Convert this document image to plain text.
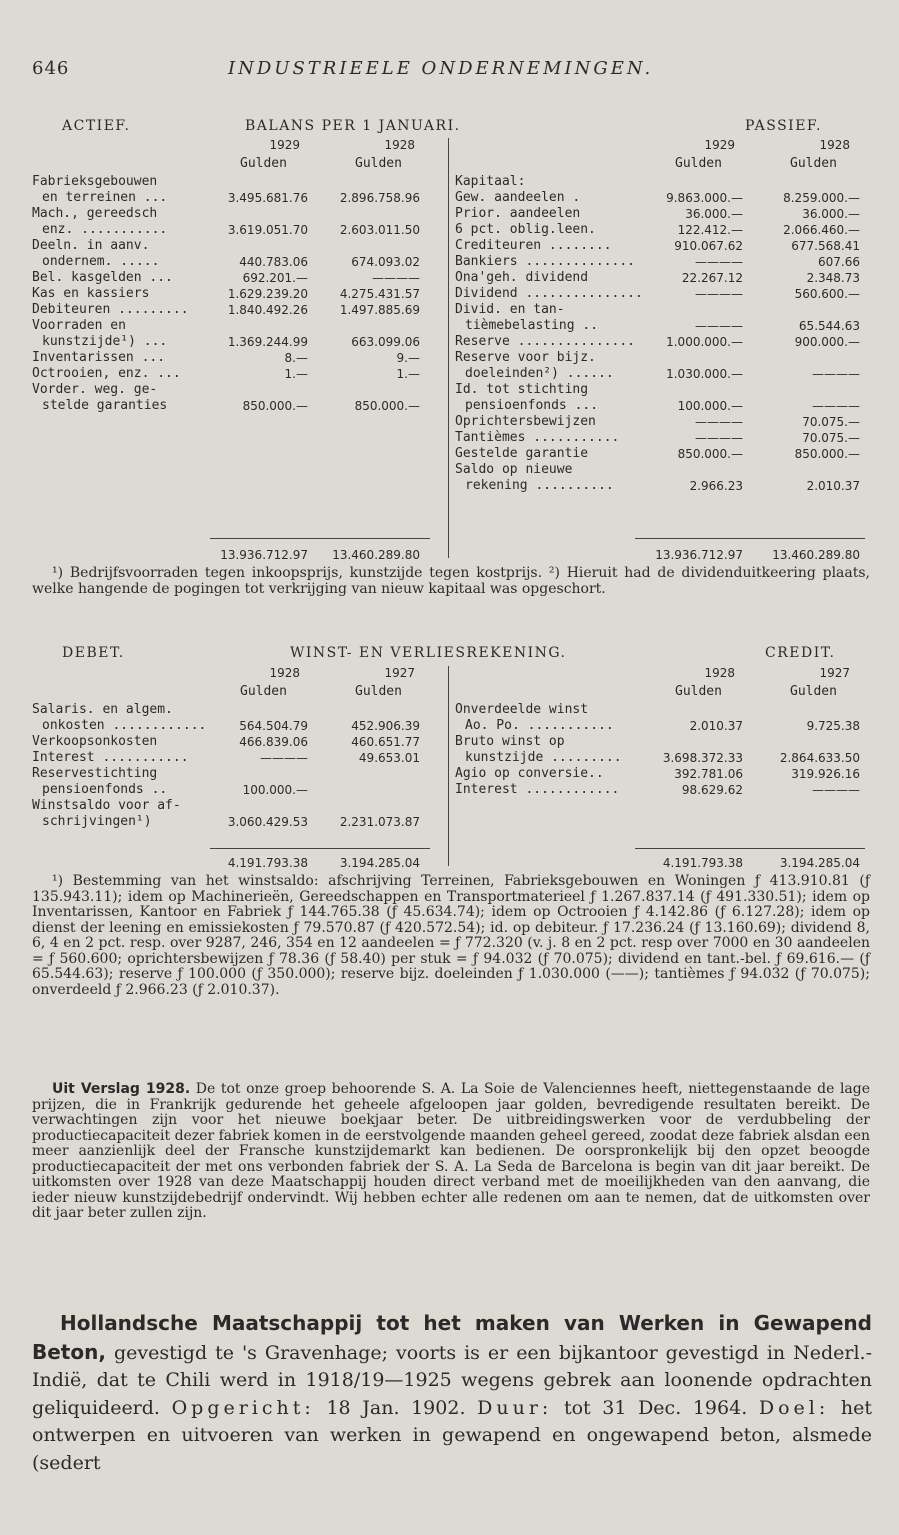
646	INDUSTRIEELE ONDERNEMINGEN.
ACTIEF.	BALANS PER 1 JANUARI.	PASSIEF.
1929	1928	1929	1928
Gulden	Gulden	Gulden	Gulden
Fabrieksgebouwen
en terreinen ...	3.495.681.76	2.896.758.96
Mach., gereedsch
enz. ...........	3.619.051.70	2.603.011.50
Deeln. in aanv.
ondernem. .....	440.783.06	674.093.02
Bel. kasgelden ...	692.201.—	————
Kas en kassiers	1.629.239.20	4.275.431.57
Debiteuren .........	1.840.492.26	1.497.885.69
Voorraden en
kunstzijde¹) ...	1.369.244.99	663.099.06
Inventarissen ...	8.—	9.—
Octrooien, enz. ...	1.—	1.—
Vorder. weg. ge-
stelde garanties	850.000.—	850.000.—
Kapitaal:
Gew. aandeelen .	9.863.000.—	8.259.000.—
Prior. aandeelen	36.000.—	36.000.—
6 pct. oblig.leen.	122.412.—	2.066.460.—
Crediteuren ........	910.067.62	677.568.41
Bankiers ..............	————	607.66
Ona'geh. dividend	22.267.12	2.348.73
Dividend ...............	————	560.600.—
Divid. en tan-
tièmebelasting ..	————	65.544.63
Reserve ...............	1.000.000.—	900.000.—
Reserve voor bijz.
doeleinden²) ......	1.030.000.—	————
Id. tot stichting
pensioenfonds ...	100.000.—	————
Oprichtersbewijzen	————	70.075.—
Tantièmes ...........	————	70.075.—
Gestelde garantie	850.000.—	850.000.—
Saldo op nieuwe
rekening ..........	2.966.23	2.010.37
13.936.712.97	13.460.289.80	13.936.712.97	13.460.289.80
¹) Bedrijfsvoorraden tegen inkoopsprijs, kunstzijde tegen kostprijs. ²) Hieruit had de dividenduitkeering plaats, welke hangende de pogingen tot verkrijging van nieuw kapitaal was opgeschort.
DEBET.	WINST- EN VERLIESREKENING.	CREDIT.
1928	1927	1928	1927
Gulden	Gulden	Gulden	Gulden
Salaris. en algem.
onkosten ............	564.504.79	452.906.39
Verkoopsonkosten	466.839.06	460.651.77
Interest ...........	————	49.653.01
Reservestichting
pensioenfonds ..	100.000.—
Winstsaldo voor af-
schrijvingen¹)	3.060.429.53	2.231.073.87
Onverdeelde winst
Ao. Po. ...........	2.010.37	9.725.38
Bruto winst op
kunstzijde .........	3.698.372.33	2.864.633.50
Agio op conversie..	392.781.06	319.926.16
Interest ............	98.629.62	————
4.191.793.38	3.194.285.04	4.191.793.38	3.194.285.04
¹) Bestemming van het winstsaldo: afschrijving Terreinen, Fabrieksgebouwen en Woningen ƒ 413.910.81 (ƒ 135.943.11); idem op Machinerieën, Gereedschappen en Transportmaterieel ƒ 1.267.837.14 (ƒ 491.330.51); idem op Inventarissen, Kantoor en Fabriek ƒ 144.765.38 (ƒ 45.634.74); idem op Octrooien ƒ 4.142.86 (ƒ 6.127.28); idem op dienst der leening en emissiekosten ƒ 79.570.87 (ƒ 420.572.54); id. op debiteur. ƒ 17.236.24 (ƒ 13.160.69); dividend 8, 6, 4 en 2 pct. resp. over 9287, 246, 354 en 12 aandeelen = ƒ 772.320 (v. j. 8 en 2 pct. resp over 7000 en 30 aandeelen = ƒ 560.600; oprichtersbewijzen ƒ 78.36 (ƒ 58.40) per stuk = ƒ 94.032 (ƒ 70.075); dividend en tant.-bel. ƒ 69.616.— (ƒ 65.544.63); reserve ƒ 100.000 (ƒ 350.000); reserve bijz. doeleinden ƒ 1.030.000 (——); tantièmes ƒ 94.032 (ƒ 70.075); onverdeeld ƒ 2.966.23 (ƒ 2.010.37).
Uit Verslag 1928. De tot onze groep behoorende S. A. La Soie de Valenciennes heeft, niettegenstaande de lage prijzen, die in Frankrijk gedurende het geheele afgeloopen jaar golden, bevredigende resultaten bereikt. De verwachtingen zijn voor het nieuwe boekjaar beter. De uitbreidingswerken voor de verdubbeling der productiecapaciteit dezer fabriek komen in de eerstvolgende maanden geheel gereed, zoodat deze fabriek alsdan een meer aanzienlijk deel der Fransche kunstzijdemarkt kan bedienen. De oorspronkelijk bij den opzet beoogde productiecapaciteit der met ons verbonden fabriek der S. A. La Seda de Barcelona is begin van dit jaar bereikt. De uitkomsten over 1928 van deze Maatschappij houden direct verband met de moeilijkheden van den aanvang, die ieder nieuw kunstzijdebedrijf ondervindt. Wij hebben echter alle redenen om aan te nemen, dat de uitkomsten over dit jaar beter zullen zijn.
Hollandsche Maatschappij tot het maken van Werken in Gewapend Beton, gevestigd te 's Gravenhage; voorts is er een bijkantoor gevestigd in Nederl.-Indië, dat te Chili werd in 1918/19—1925 wegens gebrek aan loonende opdrachten geliquideerd. Opgericht: 18 Jan. 1902. Duur: tot 31 Dec. 1964. Doel: het ontwerpen en uitvoeren van werken in gewapend en ongewapend beton, alsmede (sedert
